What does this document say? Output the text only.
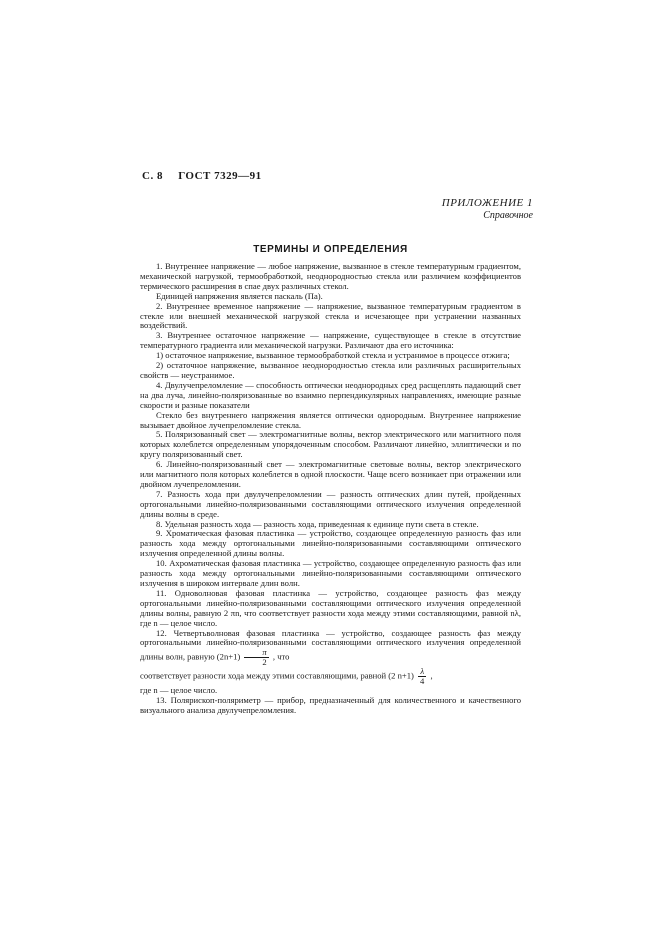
С. 8 ГОСТ 7329—91
ПРИЛОЖЕНИЕ 1
Справочное
ТЕРМИНЫ И ОПРЕДЕЛЕНИЯ

1. Внутреннее напряжение — любое напряжение, вызванное в стекле температурным градиентом, механической нагрузкой, термообработкой, неоднородностью стекла или различием коэффициентов термического расширения в спае двух различных стекол.

Единицей напряжения является паскаль (Па).

2. Внутреннее временное напряжение — напряжение, вызванное температурным градиентом в стекле или внешней механической нагрузкой стекла и исчезающее при устранении названных воздействий.

3. Внутреннее остаточное напряжение — напряжение, существующее в стекле в отсутствие температурного градиента или механической нагрузки. Различают два его источника:

1) остаточное напряжение, вызванное термообработкой стекла и устранимое в процессе отжига;

2) остаточное напряжение, вызванное неоднородностью стекла или различных расширительных свойств — неустранимое.

4. Двулучепреломление — способность оптически неоднородных сред расщеплять падающий свет на два луча, линейно-поляризованные во взаимно перпендикулярных направлениях, имеющие разные скорости и разные показатели

Стекло без внутреннего напряжения является оптически однородным. Внутреннее напряжение вызывает двойное лучепреломление стекла.

5. Поляризованный свет — электромагнитные волны, вектор электрического или магнитного поля которых колеблется определенным упорядоченным способом. Различают линейно, эллиптически и по кругу поляризованный свет.

6. Линейно-поляризованный свет — электромагнитные световые волны, вектор электрического или магнитного поля которых колеблется в одной плоскости. Чаще всего возникает при отражении или двойном лучепреломлении.

7. Разность хода при двулучепреломлении — разность оптических длин путей, пройденных ортогональными линейно-поляризованными составляющими оптического излучения определенной длины волны в среде.

8. Удельная разность хода — разность хода, приведенная к единице пути света в стекле.

9. Хроматическая фазовая пластинка — устройство, создающее определенную разность фаз или разность хода между ортогональными линейно-поляризованными составляющими оптического излучения определенной длины волны.

10. Ахроматическая фазовая пластинка — устройство, создающее определенную разность фаз или разность хода между ортогональными линейно-поляризованными составляющими оптического излучения в широком интервале длин волн.

11. Одноволновая фазовая пластинка — устройство, создающее разность фаз между ортогональными линейно-поляризованными составляющими оптического излучения определенной длины волны, равную 2 πn, что соответствует разности хода между этими составляющими, равной nλ, где n — целое число.

12. Четвертьволновая фазовая пластинка — устройство, создающее разность фаз между ортогональными линейно-поляризованными составляющими оптического излучения определенной длины волн, равную $(2n+1) \frac{\pi}{2}$ , что

соответствует разности хода между этими составляющими, равной (2 $n+1) \frac{\lambda}{4}$ ,

где n — целое число.

13. Полярископ-поляриметр — прибор, предназначенный для количественного и качественного визуального анализа двулучепреломления.
